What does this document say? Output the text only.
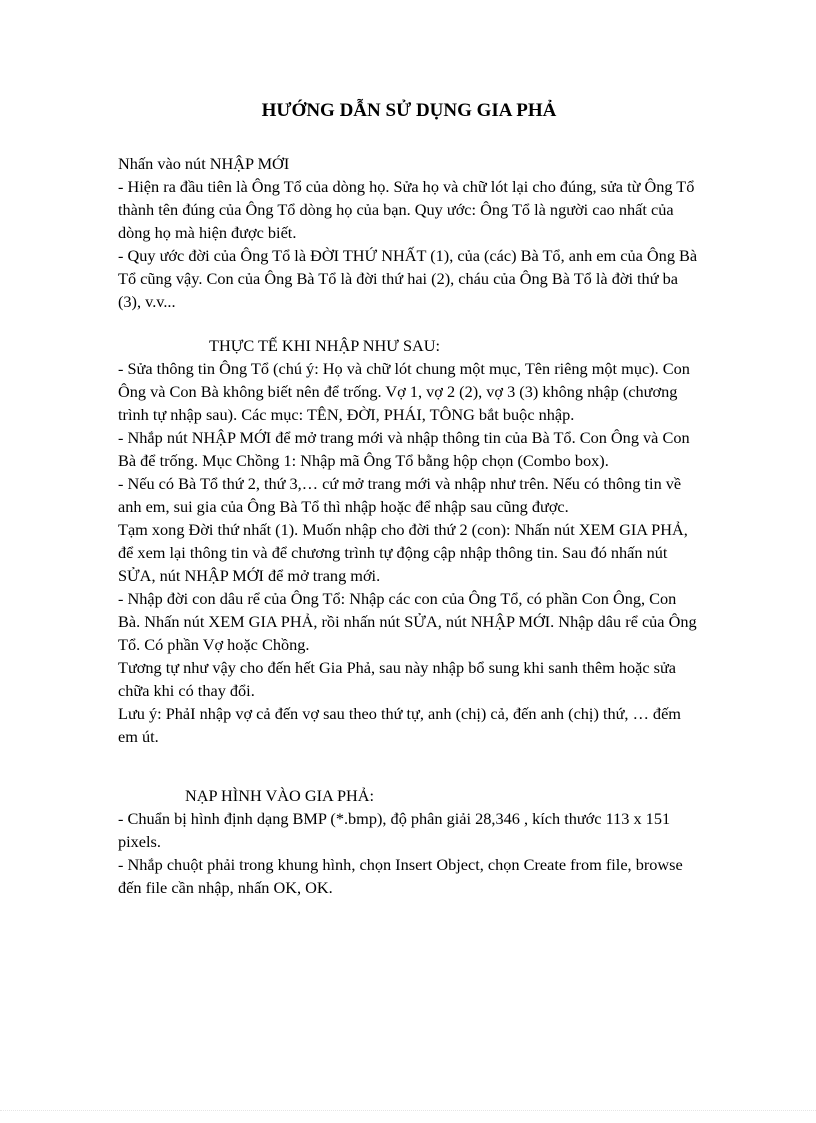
HƯỚNG DẪN SỬ DỤNG GIA PHẢ

Nhấn vào nút NHẬP MỚI

- Hiện ra đầu tiên là Ông Tổ của dòng họ. Sửa họ và chữ lót lại cho đúng, sửa từ Ông Tổ thành tên đúng của Ông Tổ dòng họ của bạn. Quy ước: Ông Tổ là người cao nhất của dòng họ mà hiện được biết.

- Quy ước đời của Ông Tổ là ĐỜI THỨ NHẤT (1), của (các) Bà Tổ, anh em của Ông Bà Tổ cũng vậy. Con của Ông Bà Tổ là đời thứ hai (2), cháu của Ông Bà Tổ là đời thứ ba (3), v.v...

THỰC TẾ KHI NHẬP NHƯ SAU:

- Sửa thông tin Ông Tổ (chú ý: Họ và chữ lót chung một mục, Tên riêng một mục). Con Ông và Con Bà không biết nên để trống. Vợ 1, vợ 2 (2), vợ 3 (3) không nhập (chương trình tự nhập sau). Các mục: TÊN, ĐỜI, PHÁI, TÔNG bắt buộc nhập.

- Nhắp nút NHẬP MỚI để mở trang mới và nhập thông tin của Bà Tổ. Con Ông và Con Bà để trống. Mục Chồng 1: Nhập mã Ông Tổ bằng hộp chọn (Combo box).

- Nếu có Bà Tổ thứ 2, thứ 3,… cứ mở trang mới và nhập như trên. Nếu có thông tin về anh em, sui gia của Ông Bà Tổ thì nhập hoặc để nhập sau cũng được.

Tạm xong Đời thứ nhất (1). Muốn nhập cho đời thứ 2 (con): Nhấn nút XEM GIA PHẢ, để xem lại thông tin và để chương trình tự động cập nhập thông tin. Sau đó nhấn nút SỬA, nút NHẬP MỚI để mở trang mới.

- Nhập đời con dâu rể của Ông Tổ: Nhập các con của Ông Tổ, có phần Con Ông, Con Bà. Nhấn nút XEM GIA PHẢ, rồi nhấn nút SỬA, nút NHẬP MỚI. Nhập dâu rể của Ông Tổ. Có phần Vợ hoặc Chồng.

Tương tự như vậy cho đến hết Gia Phả, sau này nhập bổ sung khi sanh thêm hoặc sửa chữa khi có thay đổi.

Lưu ý: PhảI nhập vợ cả đến vợ sau theo thứ tự, anh (chị) cả, đến anh (chị) thứ, … đếm em út.

NẠP HÌNH VÀO GIA PHẢ:

- Chuẩn bị hình định dạng BMP (*.bmp), độ phân giải 28,346 , kích thước 113 x 151 pixels.

- Nhắp chuột phải trong khung hình, chọn Insert Object, chọn Create from file, browse đến file cần nhập, nhấn OK, OK.
